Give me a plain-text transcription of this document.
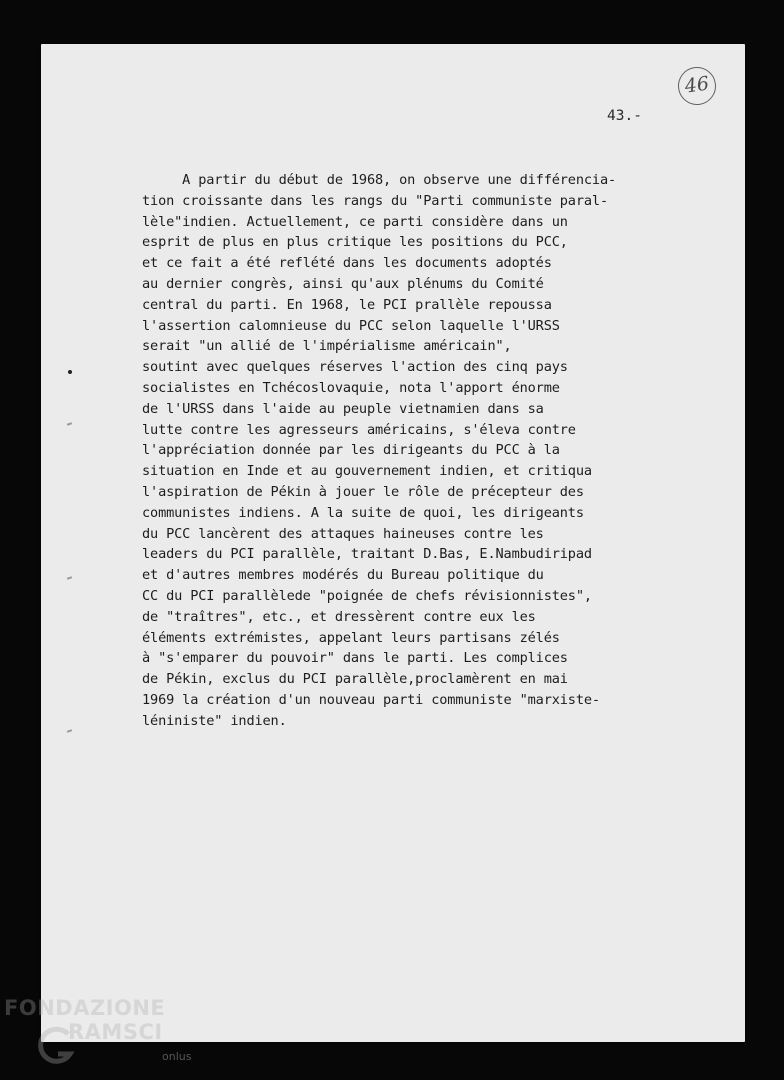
46
43.-
A partir du début de 1968, on observe une différencia-
tion croissante dans les rangs du "Parti communiste paral-
lèle"indien. Actuellement, ce parti considère dans un
esprit de plus en plus critique les positions du PCC,
et ce fait a été reflété dans les documents adoptés
au dernier congrès, ainsi qu'aux plénums du Comité
central du parti. En 1968, le PCI prallèle repoussa
l'assertion calomnieuse du PCC selon laquelle l'URSS
serait "un allié de l'impérialisme américain",
soutint avec quelques réserves l'action des cinq pays
socialistes en Tchécoslovaquie, nota l'apport énorme
de l'URSS dans l'aide au peuple vietnamien dans sa
lutte contre les agresseurs américains, s'éleva contre
l'appréciation donnée par les dirigeants du PCC à la
situation en Inde et au gouvernement indien, et critiqua
l'aspiration de Pékin à jouer le rôle de précepteur des
communistes indiens. A la suite de quoi, les dirigeants
du PCC lancèrent des attaques haineuses contre les
leaders du PCI parallèle, traitant D.Bas, E.Nambudiripad
et d'autres membres modérés du Bureau politique du
CC du PCI parallèlede "poignée de chefs révisionnistes",
de "traîtres", etc., et dressèrent contre eux les
éléments extrémistes, appelant leurs partisans zélés
à "s'emparer du pouvoir" dans le parti. Les complices
de Pékin, exclus du PCI parallèle,proclamèrent en mai
1969 la création d'un nouveau parti communiste "marxiste-
léniniste" indien.
FONDAZIONE
RAMSCI
onlus
